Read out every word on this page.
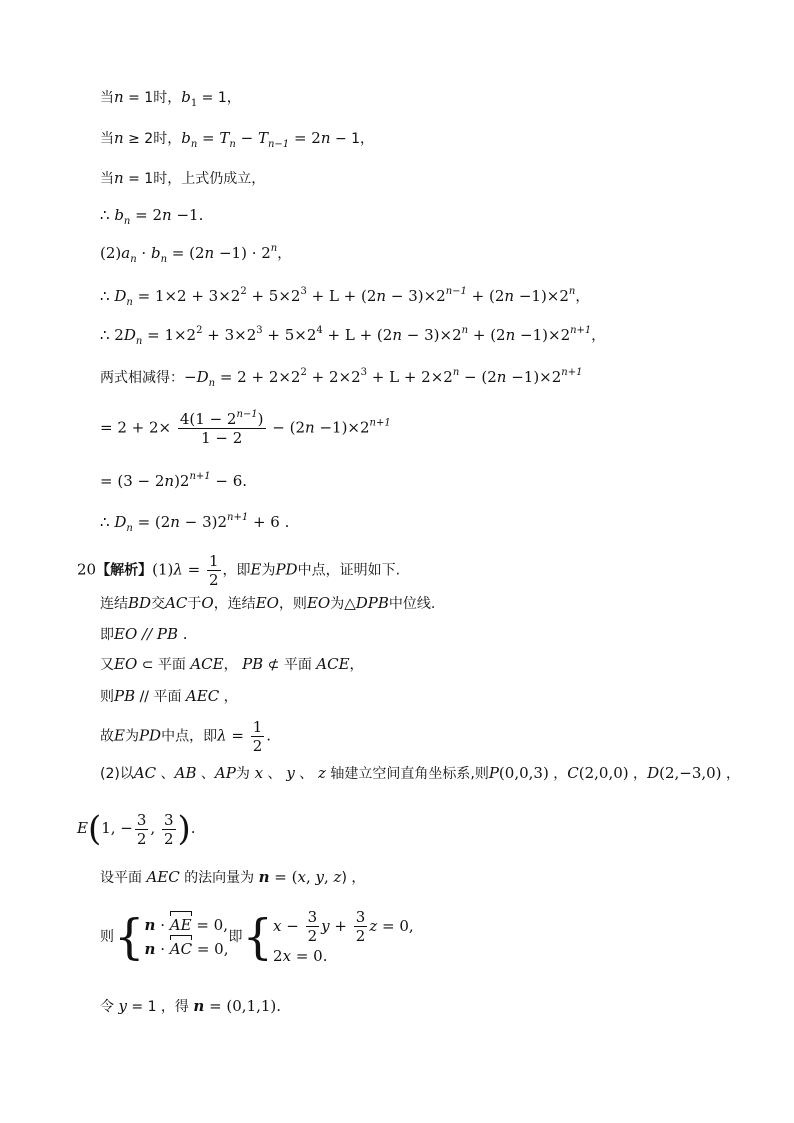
当n = 1时，$b_1 = 1$，
当n ≥ 2时，$b_n = T_n - T_{n-1} = 2n - 1$，
当n = 1时，上式仍成立，
∴ $b_n = 2n -1$.
$(2)a_n \cdot b_n = (2n -1) \cdot 2^n$，
∴ $D_n = 1\times 2 + 3\times 2^2 + 5\times 2^3 + L + (2n - 3)\times 2^{n-1} + (2n -1)\times 2^n$，
∴ $2D_n = 1\times 2^2 + 3\times 2^3 + 5\times 2^4 + L + (2n - 3)\times 2^n + (2n -1)\times 2^{n+1}$，
两式相减得：$-D_n = 2 + 2\times 2^2 + 2\times 2^3 + L + 2\times 2^n - (2n -1)\times 2^{n+1}$
= $2 + 2\times \frac{4(1 - 2^{n-1})}{1 - 2} - (2n -1)\times 2^{n+1}$
= $(3 - 2n)2^{n+1} - 6$.
∴ $D_n = (2n - 3)2^{n+1} + 6$ .
20【解析】$(1)\lambda = \frac{1}{2}$ ，即E为PD中点，证明如下.
连结BD交AC于O，连结EO，则EO为△DPB中位线.
即EO // PB .
又EO ⊂ 平面 ACE， PB ⊄ 平面 ACE，
则PB // 平面 AEC ，
故E为PD中点，即$\lambda = \frac{1}{2}$ .
(2)以AC 、AB 、AP为 x 、 y 、 z 轴建立空间直角坐标系,则P(0,0,3) ，C(2,0,0) ，D(2,−3,0) ，
E(1, − $\frac{3}{2}$ , $\frac{3}{2}$ ).
设平面 AEC 的法向量为 n = (x, y, z) ，
则{ n · AE = 0,
n · AC = 0,
即{ $x - \frac{3}{2}$ $y + \frac{3}{2}$ z = 0,
2x = 0.
令 y = 1 ，得 n = (0,1,1).
